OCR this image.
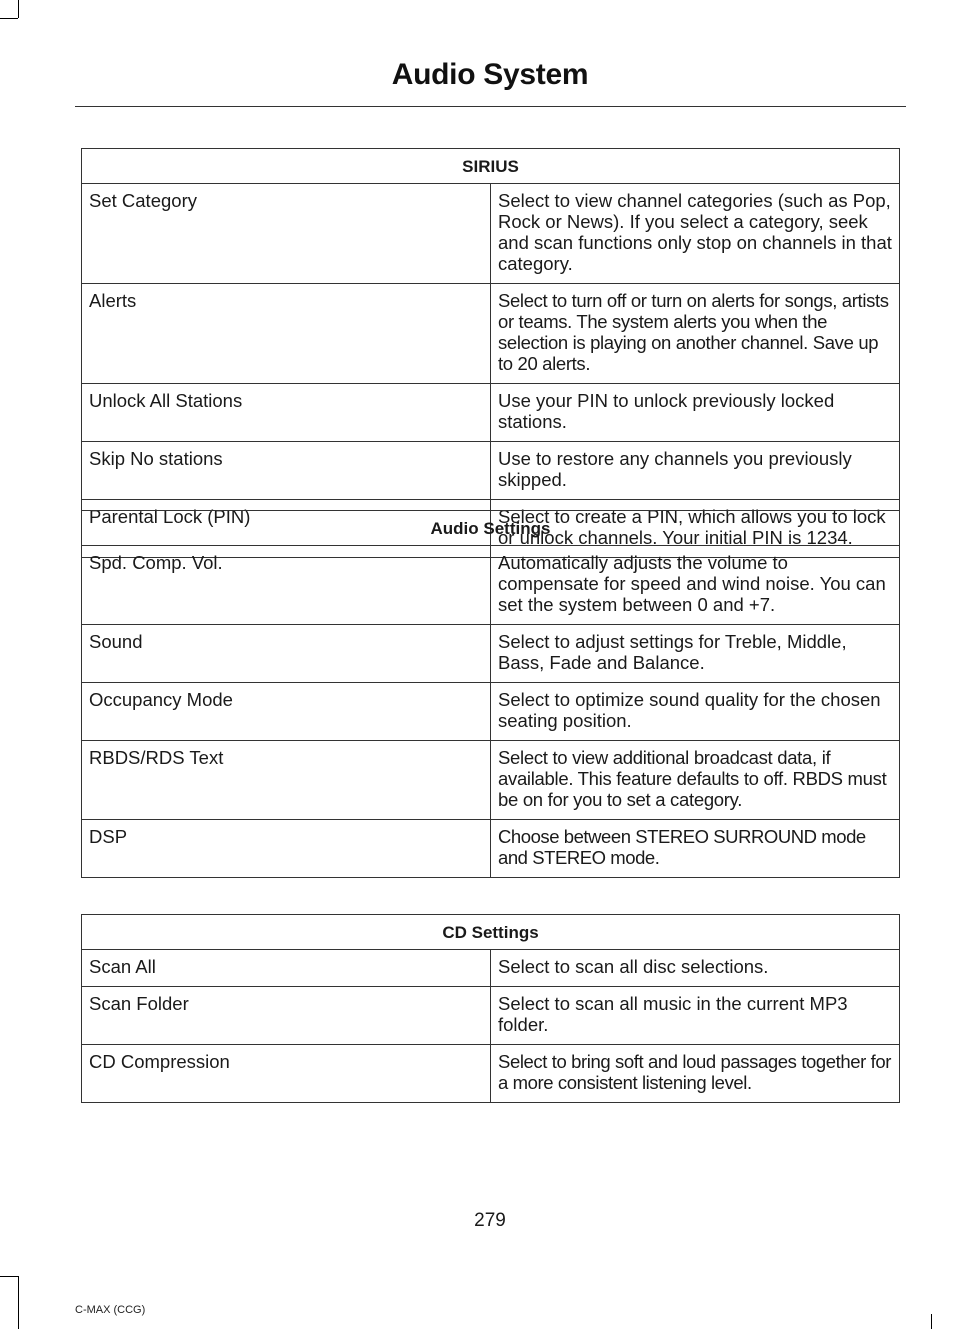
Audio System
SIRIUS	
Set Category	Select to view channel categories (such as Pop, Rock or News). If you select a category, seek and scan functions only stop on channels in that category.
Alerts	Select to turn off or turn on alerts for songs, artists or teams. The system alerts you when the selection is playing on another channel. Save up to 20 alerts.
Unlock All Stations	Use your PIN to unlock previously locked stations.
Skip No stations	Use to restore any channels you previously skipped.
Parental Lock (PIN)	Select to create a PIN, which allows you to lock or unlock channels. Your initial PIN is 1234.
Audio Settings	
Spd. Comp. Vol.	Automatically adjusts the volume to compensate for speed and wind noise. You can set the system between 0 and +7.
Sound	Select to adjust settings for Treble, Middle, Bass, Fade and Balance.
Occupancy Mode	Select to optimize sound quality for the chosen seating position.
RBDS/RDS Text	Select to view additional broadcast data, if available. This feature defaults to off. RBDS must be on for you to set a category.
DSP	Choose between STEREO SURROUND mode and STEREO mode.
CD Settings	
Scan All	Select to scan all disc selections.
Scan Folder	Select to scan all music in the current MP3 folder.
CD Compression	Select to bring soft and loud passages together for a more consistent listening level.
279
C-MAX (CCG)
